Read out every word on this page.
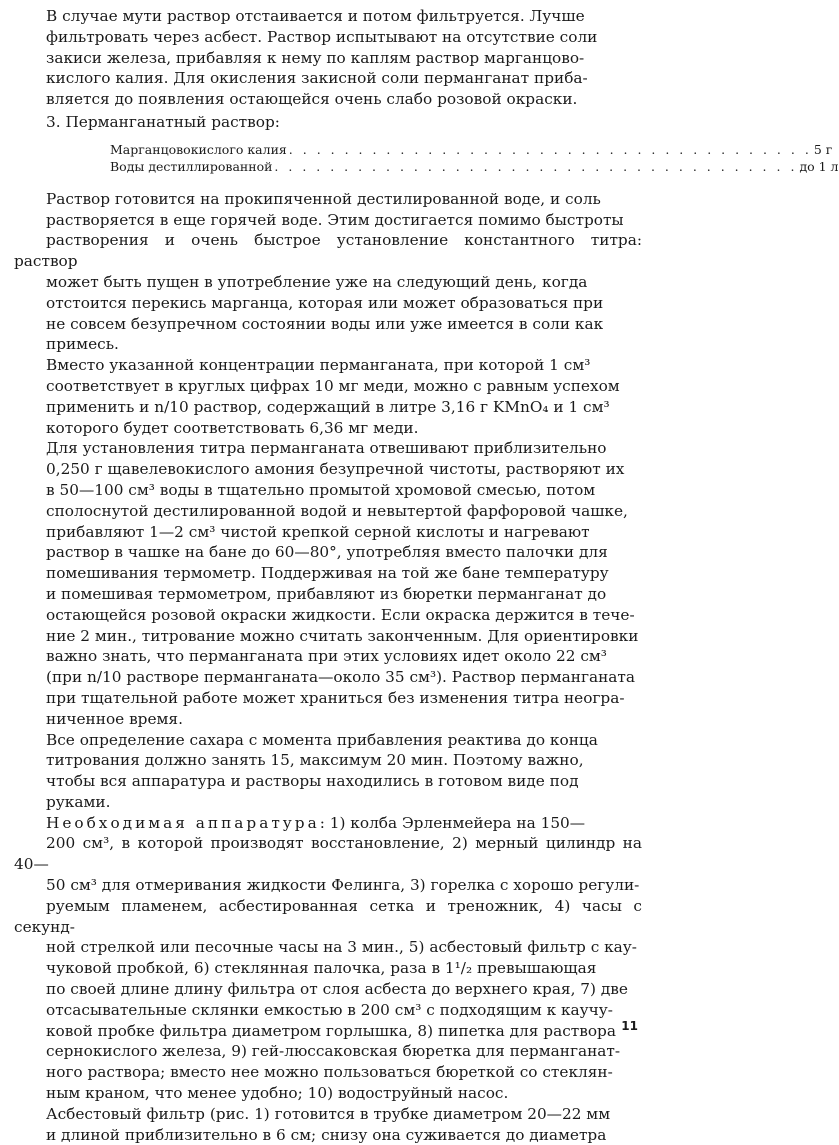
В случае мути раствор отстаивается и потом фильтруется. Лучше
фильтровать через асбест. Раствор испытывают на отсутствие соли
закиси железа, прибавляя к нему по каплям раствор марганцово-
кислого калия. Для окисления закисной соли перманганат приба-
вляется до появления остающейся очень слабо розовой окраски.

3. Перманганатный раствор:
Марганцовокислого калия . . . . . . . . . . . . . . . . . . . . . . . . . . . . . . . . . . . . . . 5 г
Воды дестиллированной . . . . . . . . . . . . . . . . . . . . . . . . . . . . . . . . . . . . . . до 1 л

Раствор готовится на прокипяченной дестилированной воде, и соль
растворяется в еще горячей воде. Этим достигается помимо быстроты
растворения и очень быстрое установление константного титра: раствор
может быть пущен в употребление уже на следующий день, когда
отстоится перекись марганца, которая или может образоваться при
не совсем безупречном состоянии воды или уже имеется в соли как
примесь.

Вместо указанной концентрации перманганата, при которой 1 см³
соответствует в круглых цифрах 10 мг меди, можно с равным успехом
применить и n/10 раствор, содержащий в литре 3,16 г KMnO₄ и 1 см³
которого будет соответствовать 6,36 мг меди.

Для установления титра перманганата отвешивают приблизительно
0,250 г щавелевокислого амония безупречной чистоты, растворяют их
в 50—100 см³ воды в тщательно промытой хромовой смесью, потом
сполоснутой дестилированной водой и невытертой фарфоровой чашке,
прибавляют 1—2 см³ чистой крепкой серной кислоты и нагревают
раствор в чашке на бане до 60—80°, употребляя вместо палочки для
помешивания термометр. Поддерживая на той же бане температуру
и помешивая термометром, прибавляют из бюретки перманганат до
остающейся розовой окраски жидкости. Если окраска держится в тече-
ние 2 мин., титрование можно считать законченным. Для ориентировки
важно знать, что перманганата при этих условиях идет около 22 см³
(при n/10 растворе перманганата—около 35 см³). Раствор перманганата
при тщательной работе может храниться без изменения титра неогра-
ниченное время.

Все определение сахара с момента прибавления реактива до конца
титрования должно занять 15, максимум 20 мин. Поэтому важно,
чтобы вся аппаратура и растворы находились в готовом виде под
руками.

Необходимая аппаратура: 1) колба Эрленмейера на 150—
200 см³, в которой производят восстановление, 2) мерный цилиндр на 40—
50 см³ для отмеривания жидкости Фелинга, 3) горелка с хорошо регули-
руемым пламенем, асбестированная сетка и треножник, 4) часы с секунд-
ной стрелкой или песочные часы на 3 мин., 5) асбестовый фильтр с кау-
чуковой пробкой, 6) стеклянная палочка, раза в 1¹/₂ превышающая
по своей длине длину фильтра от слоя асбеста до верхнего края, 7) две
отсасывательные склянки емкостью в 200 см³ с подходящим к каучу-
ковой пробке фильтра диаметром горлышка, 8) пипетка для раствора
сернокислого железа, 9) гей-люссаковская бюретка для перманганат-
ного раствора; вместо нее можно пользоваться бюреткой со стеклян-
ным краном, что менее удобно; 10) водоструйный насос.

Асбестовый фильтр (рис. 1) готовится в трубке диаметром 20—22 мм
и длиной приблизительно в 6 см; снизу она суживается до диаметра

11
